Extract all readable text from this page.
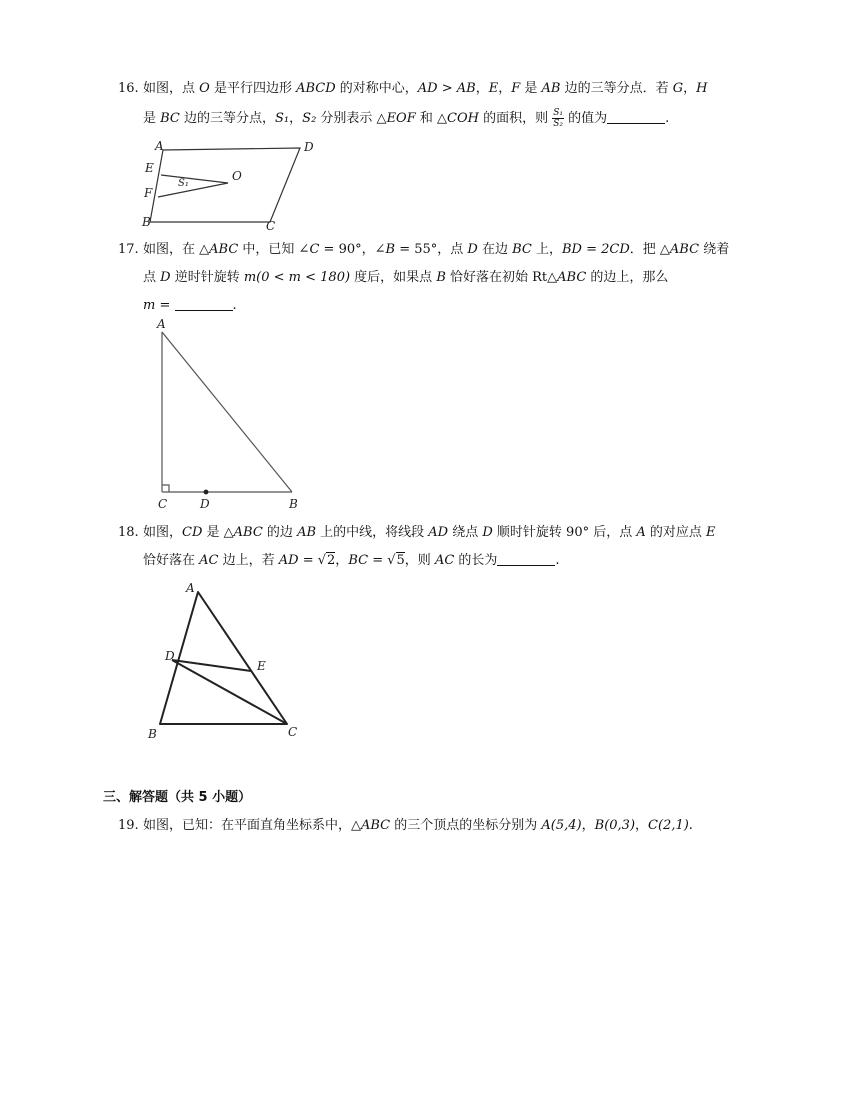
16. 如图，点 O 是平行四边形 ABCD 的对称中心，AD > AB，E，F 是 AB 边的三等分点．若 G，H
是 BC 边的三等分点，S₁，S₂ 分别表示 △EOF 和 △COH 的面积，则 $\frac{\text{S₁}}{\text{S₂}}$ 的值为	.
A	D
E
O
S₁
F
B	C
17. 如图，在 △ABC 中，已知 ∠C = 90°，∠B = 55°，点 D 在边 BC 上，BD = 2CD．把 △ABC 绕着
点 D 逆时针旋转 m(0 < m < 180) 度后，如果点 B 恰好落在初始 Rt△ABC 的边上，那么
m =	.
A
C	D	B
18. 如图，CD 是 △ABC 的边 AB 上的中线，将线段 AD 绕点 D 顺时针旋转 90° 后，点 A 的对应点 E
恰好落在 AC 边上，若 AD = √2，BC = √5，则 AC 的长为	.
A
D
E
B	C
三、解答题（共 5 小题）
19. 如图，已知：在平面直角坐标系中，△ABC 的三个顶点的坐标分别为 A(5,4)，B(0,3)，C(2,1).
